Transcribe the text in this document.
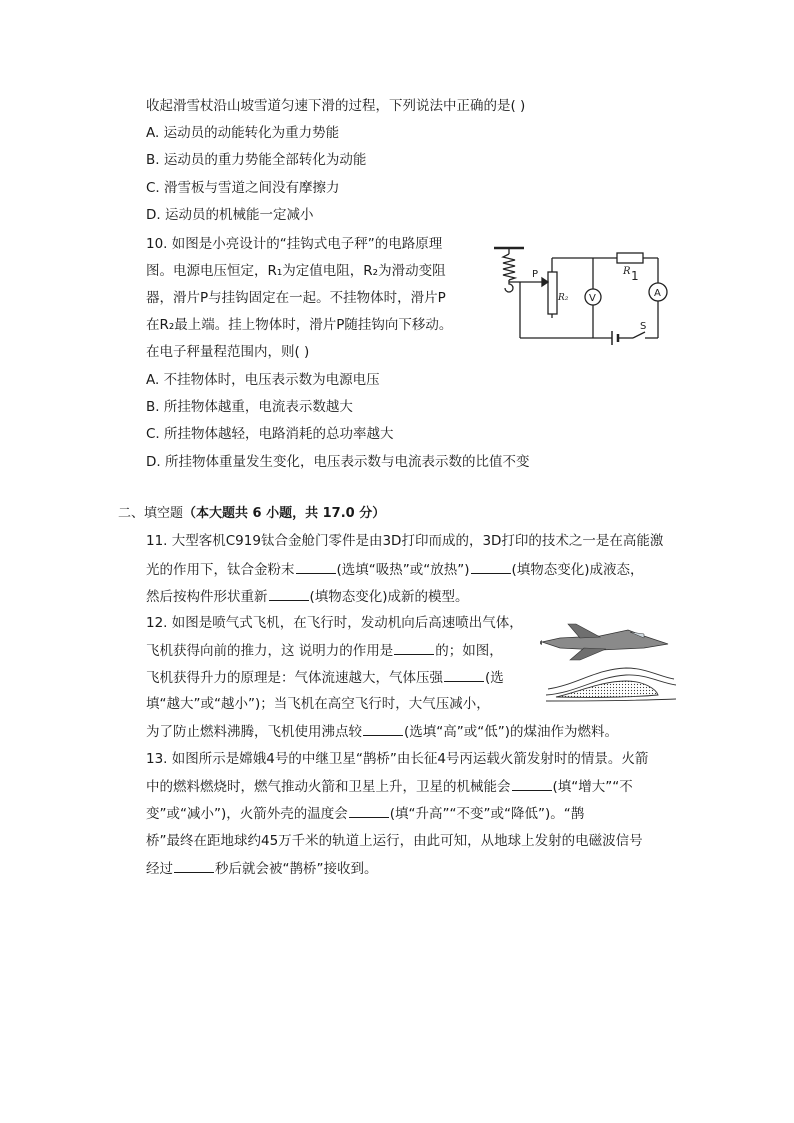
收起滑雪杖沿山坡雪道匀速下滑的过程，下列说法中正确的是( )
A. 运动员的动能转化为重力势能
B. 运动员的重力势能全部转化为动能
C. 滑雪板与雪道之间没有摩擦力
D. 运动员的机械能一定减小
10. 如图是小亮设计的“挂钩式电子秤”的电路原理
图。电源电压恒定，R₁为定值电阻，R₂为滑动变阻
器，滑片P与挂钩固定在一起。不挂物体时，滑片P
在R₂最上端。挂上物体时，滑片P随挂钩向下移动。
在电子秤量程范围内，则( )
P
R₂
R 1
V	A
S
A. 不挂物体时，电压表示数为电源电压
B. 所挂物体越重，电流表示数越大
C. 所挂物体越轻，电路消耗的总功率越大
D. 所挂物体重量发生变化，电压表示数与电流表示数的比值不变
二、填空题（本大题共 6 小题，共 17.0 分）
11. 大型客机C919钛合金舱门零件是由3D打印而成的，3D打印的技术之一是在高能激
光的作用下，钛合金粉末	(选填“吸热”或“放热”)	(填物态变化)成液态，
然后按构件形状重新	(填物态变化)成新的模型。
12. 如图是喷气式飞机，在飞行时，发动机向后高速喷出气体，
飞机获得向前的推力，这 说明力的作用是	的；如图，
飞机获得升力的原理是：气体流速越大，气体压强	(选
填“越大”或“越小”)；当飞机在高空飞行时，大气压减小，
为了防止燃料沸腾，飞机使用沸点较	(选填“高”或“低”)的煤油作为燃料。
13. 如图所示是嫦娥4号的中继卫星“鹊桥”由长征4号丙运载火箭发射时的情景。火箭
中的燃料燃烧时，燃气推动火箭和卫星上升，卫星的机械能会	(填“增大”“不
变”或“减小”)，火箭外壳的温度会	(填“升高”“不变”或“降低”)。“鹊
桥”最终在距地球约45万千米的轨道上运行，由此可知，从地球上发射的电磁波信号
经过	秒后就会被“鹊桥”接收到。
